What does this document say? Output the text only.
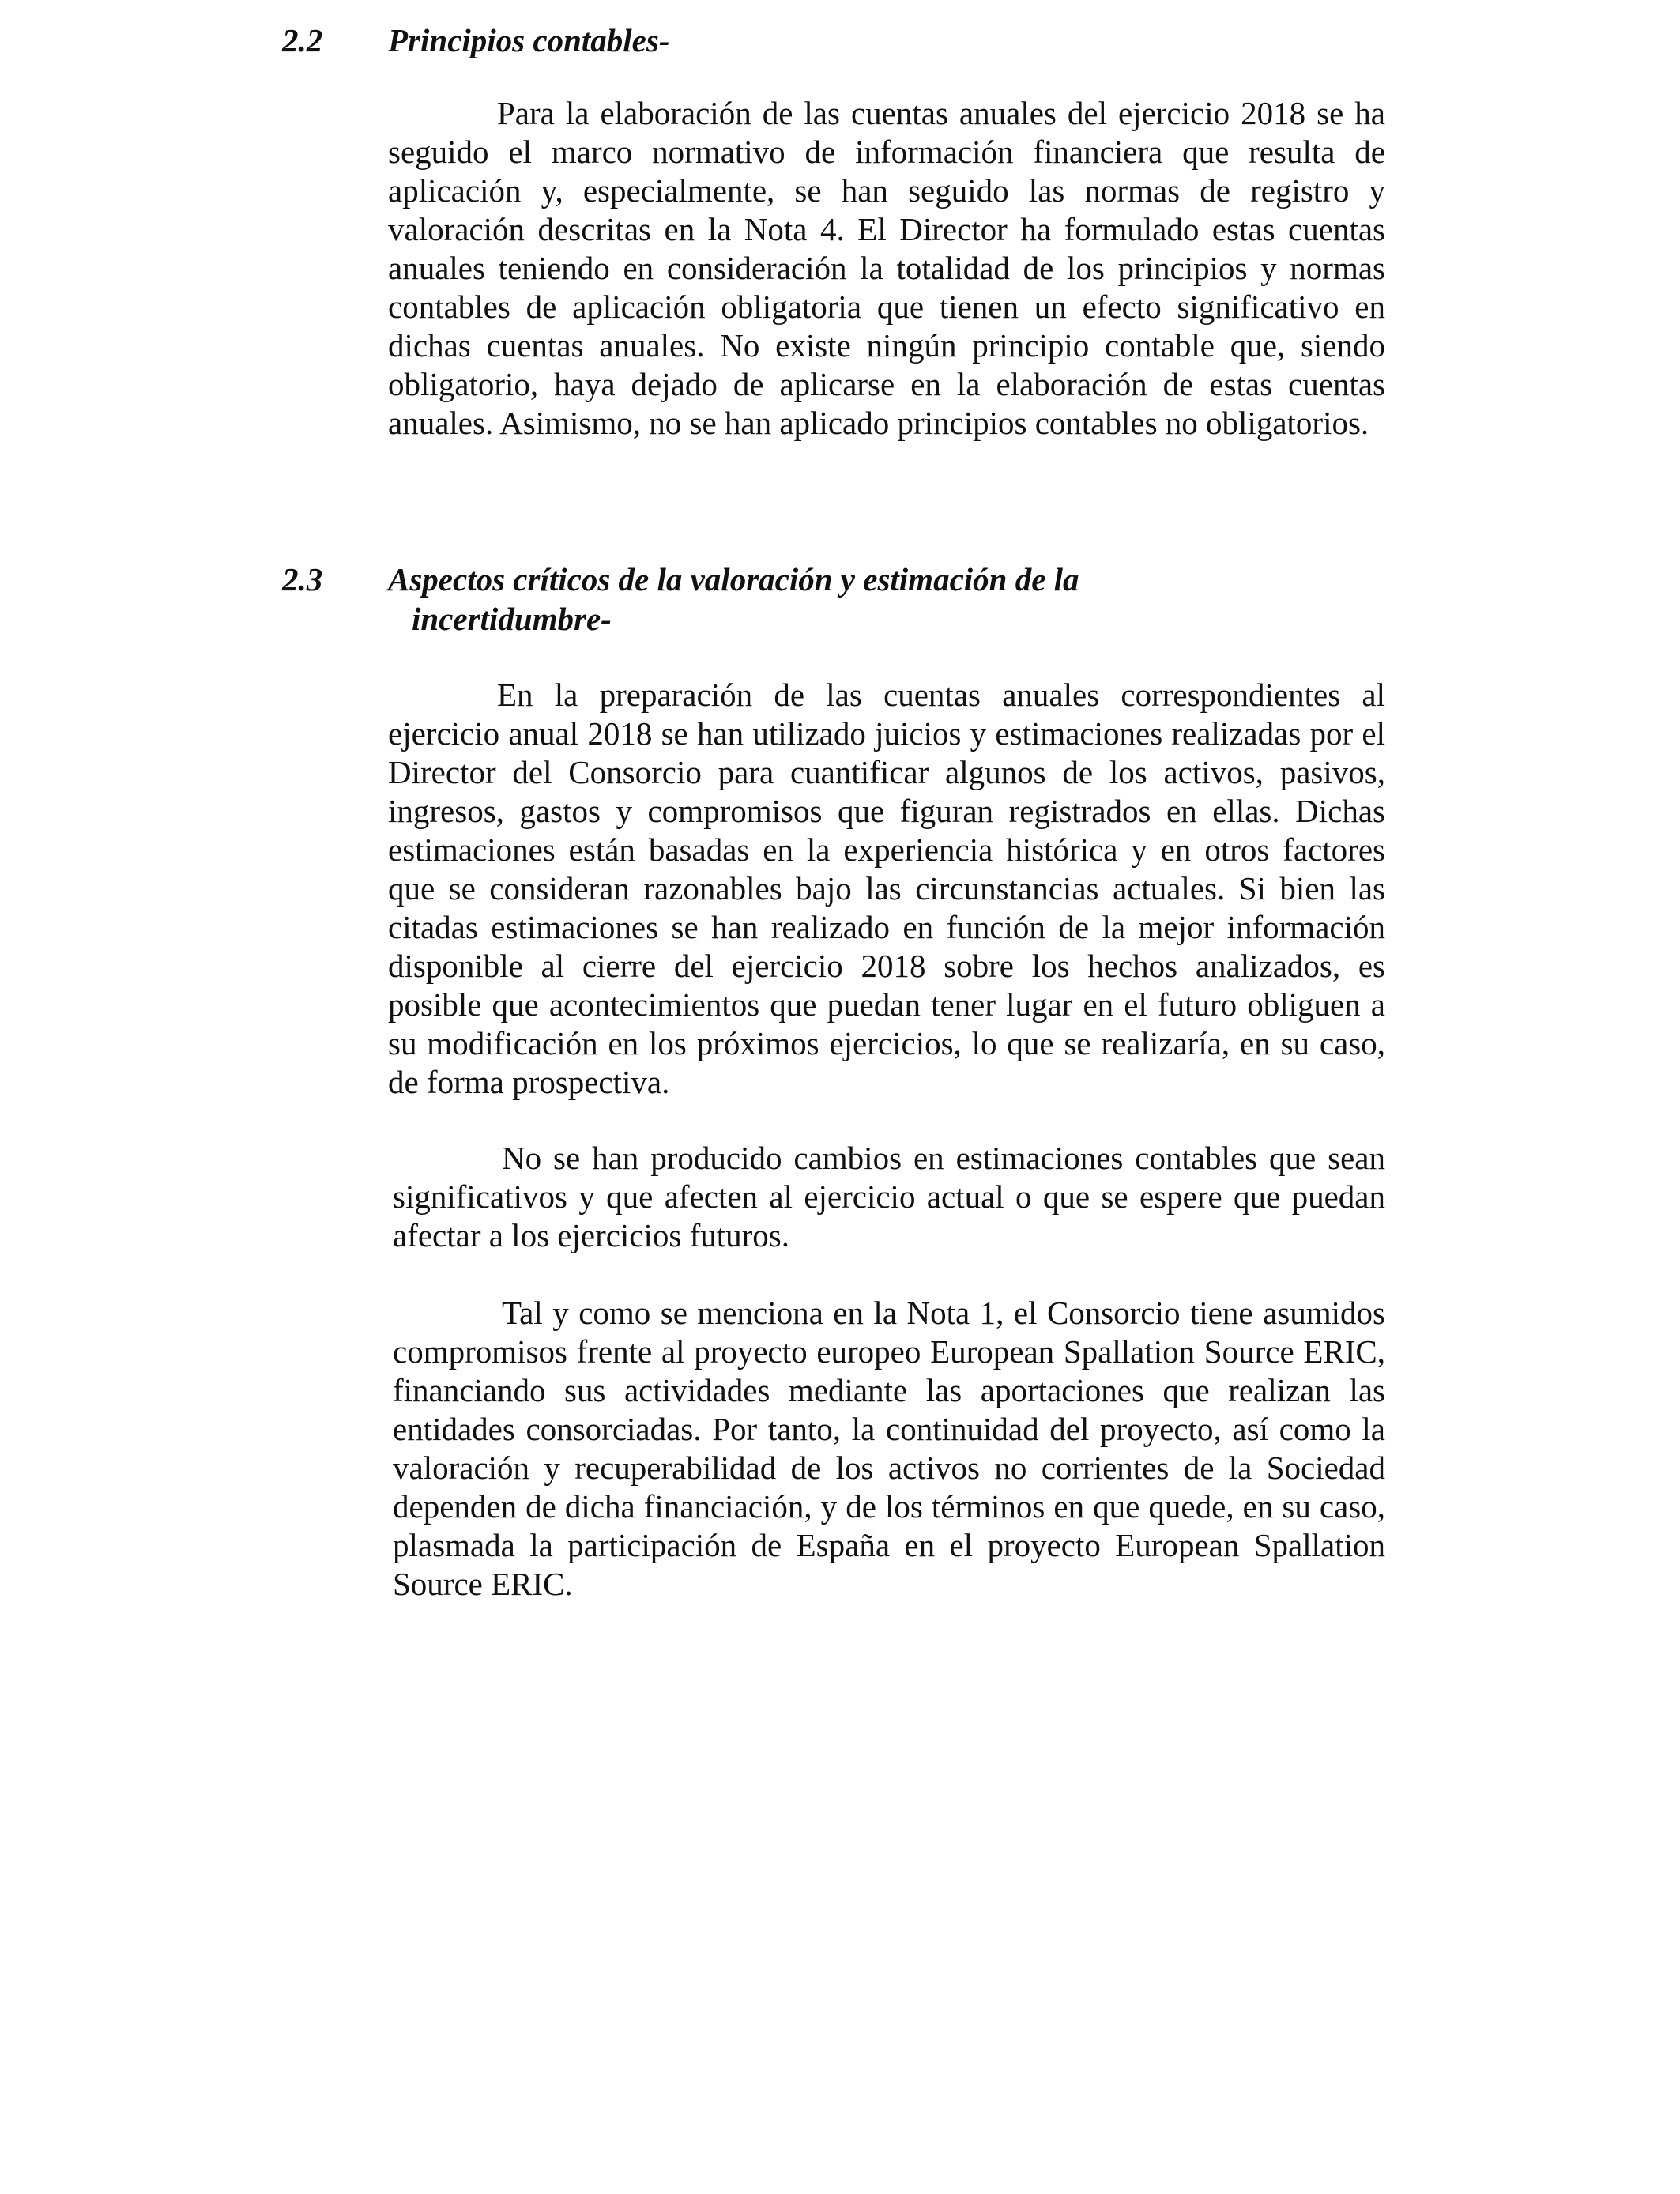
2.2 Principios contables-

Para la elaboración de las cuentas anuales del ejercicio 2018 se ha seguido el marco normativo de información financiera que resulta de aplicación y, especialmente, se han seguido las normas de registro y valoración descritas en la Nota 4. El Director ha formulado estas cuentas anuales teniendo en consideración la totalidad de los principios y normas contables de aplicación obligatoria que tienen un efecto significativo en dichas cuentas anuales. No existe ningún principio contable que, siendo obligatorio, haya dejado de aplicarse en la elaboración de estas cuentas anuales. Asimismo, no se han aplicado principios contables no obligatorios.

2.3 Aspectos críticos de la valoración y estimación de la
incertidumbre-

En la preparación de las cuentas anuales correspondientes al ejercicio anual 2018 se han utilizado juicios y estimaciones realizadas por el Director del Consorcio para cuantificar algunos de los activos, pasivos, ingresos, gastos y compromisos que figuran registrados en ellas. Dichas estimaciones están basadas en la experiencia histórica y en otros factores que se consideran razonables bajo las circunstancias actuales. Si bien las citadas estimaciones se han realizado en función de la mejor información disponible al cierre del ejercicio 2018 sobre los hechos analizados, es posible que acontecimientos que puedan tener lugar en el futuro obliguen a su modificación en los próximos ejercicios, lo que se realizaría, en su caso, de forma prospectiva.

No se han producido cambios en estimaciones contables que sean significativos y que afecten al ejercicio actual o que se espere que puedan afectar a los ejercicios futuros.

Tal y como se menciona en la Nota 1, el Consorcio tiene asumidos compromisos frente al proyecto europeo European Spallation Source ERIC, financiando sus actividades mediante las aportaciones que realizan las entidades consorciadas. Por tanto, la continuidad del proyecto, así como la valoración y recuperabilidad de los activos no corrientes de la Sociedad dependen de dicha financiación, y de los términos en que quede, en su caso, plasmada la participación de España en el proyecto European Spallation Source ERIC.
